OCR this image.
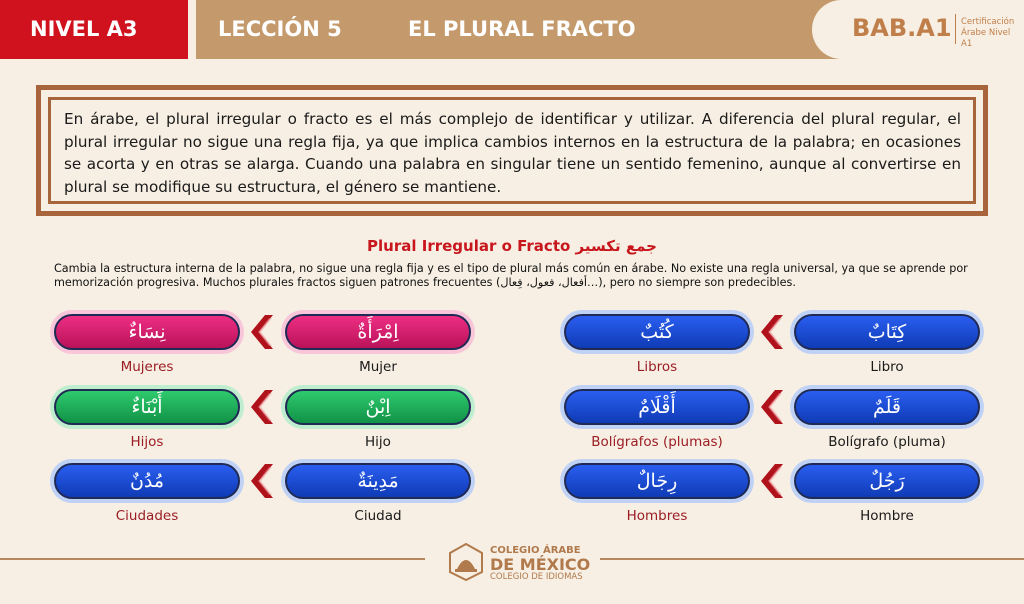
NIVEL A3	LECCIÓN 5	EL PLURAL FRACTO	BAB.A1 Certificación Árabe Nivel A1

En árabe, el plural irregular o fracto es el más complejo de identificar y utilizar. A diferencia del plural regular, el plural irregular no sigue una regla fija, ya que implica cambios internos en la estructura de la palabra; en ocasiones se acorta y en otras se alarga. Cuando una palabra en singular tiene un sentido femenino, aunque al convertirse en plural se modifique su estructura, el género se mantiene.

Plural Irregular o Fracto جمع تكسير

Cambia la estructura interna de la palabra, no sigue una regla fija y es el tipo de plural más común en árabe. No existe una regla universal, ya que se aprende por memorización progresiva. Muchos plurales fractos siguen patrones frecuentes (أفعال، فعول، فِعال…), pero no siempre son predecibles.

نِسَاءٌ	اِمْرَأَةٌ
Mujeres	Mujer
أَبْنَاءٌ	اِبْنٌ
Hijos	Hijo
مُدُنٌ	مَدِينَةٌ
Ciudades	Ciudad
كُتُبٌ	كِتَابٌ
Libros	Libro
أَقْلَامٌ	قَلَمٌ
Bolígrafos (plumas)	Bolígrafo (pluma)
رِجَالٌ	رَجُلٌ
Hombres	Hombre
COLEGIO ÁRABE
DE MÉXICO
COLEGIO DE IDIOMAS
